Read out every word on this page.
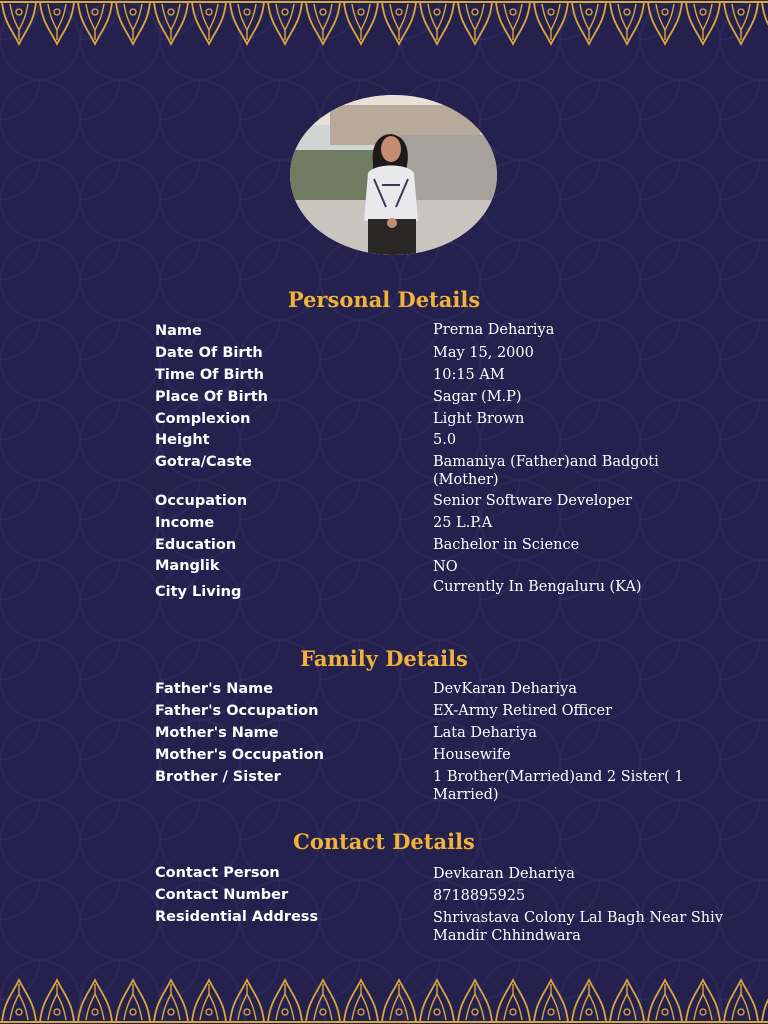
Personal Details
Name	Prerna Dehariya
Date Of Birth	May 15, 2000
Time Of Birth	10:15 AM
Place Of Birth	Sagar (M.P)
Complexion	Light Brown
Height	5.0
Gotra/Caste	Bamaniya (Father)and Badgoti (Mother)
Occupation	Senior Software Developer
Income	25 L.P.A
Education	Bachelor in Science
Manglik	NO
City Living	Currently In Bengaluru (KA)
Family Details
Father's Name	DevKaran Dehariya
Father's Occupation	EX-Army Retired Officer
Mother's Name	Lata Dehariya
Mother's Occupation	Housewife
Brother / Sister	1 Brother(Married)and 2 Sister( 1 Married)
Contact Details
Contact Person	Devkaran Dehariya
Contact Number	8718895925
Residential Address	Shrivastava Colony Lal Bagh Near Shiv Mandir Chhindwara
